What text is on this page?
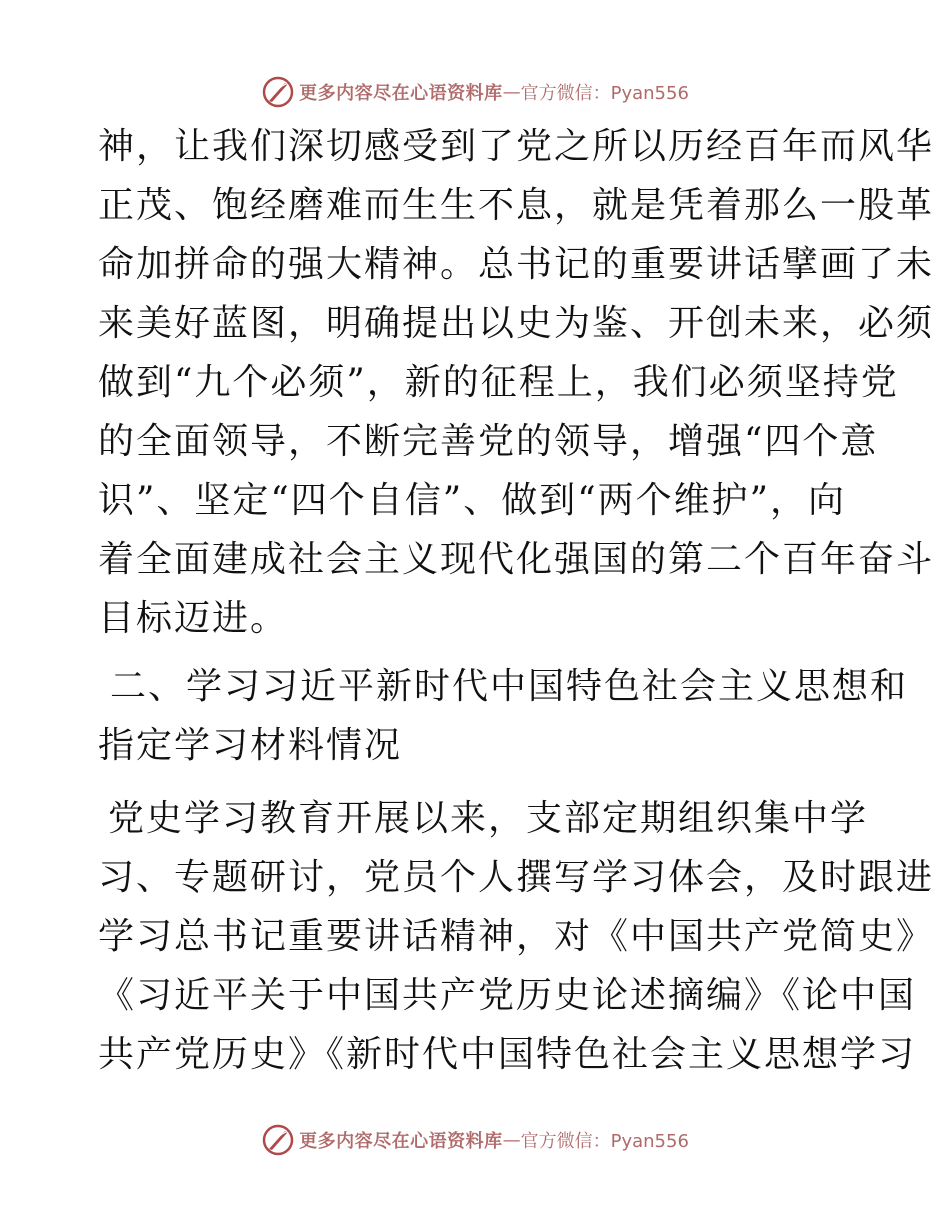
更多内容尽在心语资料库 — 官方微信：Pyan556
神，让我们深切感受到了党之所以历经百年而风华
正茂、饱经磨难而生生不息，就是凭着那么一股革
命加拼命的强大精神。总书记的重要讲话擘画了未
来美好蓝图，明确提出以史为鉴、开创未来，必须
做到“九个必须”，新的征程上，我们必须坚持党
的全面领导，不断完善党的领导，增强“四个意
识”、坚定“四个自信”、做到“两个维护”，向
着全面建成社会主义现代化强国的第二个百年奋斗
目标迈进。
二、学习习近平新时代中国特色社会主义思想和
指定学习材料情况
党史学习教育开展以来，支部定期组织集中学
习、专题研讨，党员个人撰写学习体会，及时跟进
学习总书记重要讲话精神，对《中国共产党简史》
《习近平关于中国共产党历史论述摘编》《论中国
共产党历史》《新时代中国特色社会主义思想学习
更多内容尽在心语资料库 — 官方微信：Pyan556
